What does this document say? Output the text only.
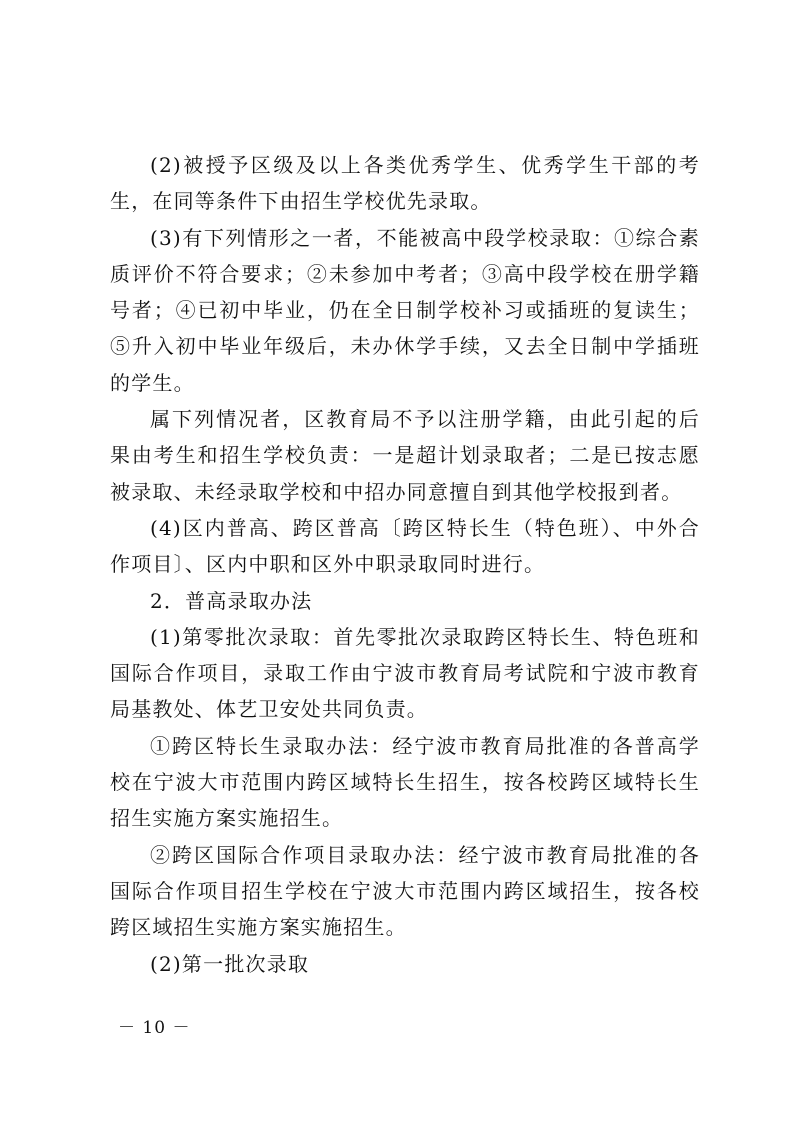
(2)被授予区级及以上各类优秀学生、优秀学生干部的考生，在同等条件下由招生学校优先录取。

(3)有下列情形之一者，不能被高中段学校录取：①综合素质评价不符合要求；②未参加中考者；③高中段学校在册学籍号者；④已初中毕业，仍在全日制学校补习或插班的复读生；⑤升入初中毕业年级后，未办休学手续，又去全日制中学插班的学生。

属下列情况者，区教育局不予以注册学籍，由此引起的后果由考生和招生学校负责：一是超计划录取者；二是已按志愿被录取、未经录取学校和中招办同意擅自到其他学校报到者。

(4)区内普高、跨区普高〔跨区特长生（特色班）、中外合作项目〕、区内中职和区外中职录取同时进行。

2．普高录取办法

(1)第零批次录取：首先零批次录取跨区特长生、特色班和国际合作项目，录取工作由宁波市教育局考试院和宁波市教育局基教处、体艺卫安处共同负责。

①跨区特长生录取办法：经宁波市教育局批准的各普高学校在宁波大市范围内跨区域特长生招生，按各校跨区域特长生招生实施方案实施招生。

②跨区国际合作项目录取办法：经宁波市教育局批准的各国际合作项目招生学校在宁波大市范围内跨区域招生，按各校跨区域招生实施方案实施招生。

(2)第一批次录取

－ 10 －
